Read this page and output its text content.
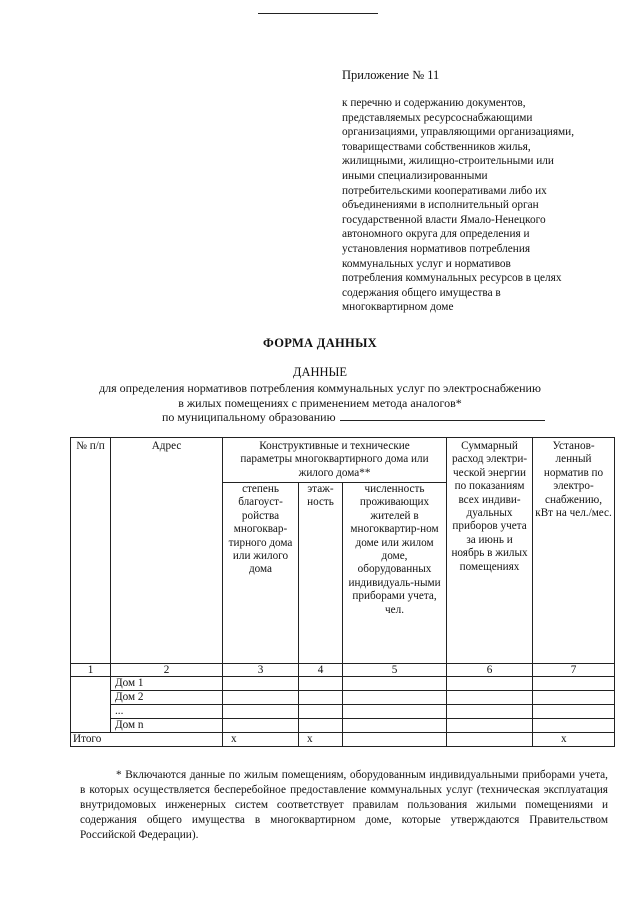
Приложение № 11
к перечню и содержанию документов,
представляемых ресурсоснабжающими
организациями, управляющими организациями,
товариществами собственников жилья,
жилищными, жилищно-строительными или
иными специализированными
потребительскими кооперативами либо их
объединениями в исполнительный орган
государственной власти Ямало-Ненецкого
автономного округа для определения и
установления нормативов потребления
коммунальных услуг и нормативов
потребления коммунальных ресурсов в целях
содержания общего имущества в
многоквартирном доме
ФОРМА ДАННЫХ
ДАННЫЕ
для определения нормативов потребления коммунальных услуг по электроснабжению
в жилых помещениях с применением метода аналогов*
по муниципальному образованию
№ п/п	Адрес	Конструктивные и технические параметры многоквартирного дома или жилого дома**			Суммарный расход электри-ческой энергии по показаниям всех индиви-дуальных приборов учета за июнь и ноябрь в жилых помещениях	Установ-ленный норматив по электро-снабжению, кВт на чел./мес.
		степень благоуст-ройства многоквар-тирного дома или жилого дома	этаж-ность	численность проживающих жителей в многоквартир-ном доме или жилом доме, оборудованных индивидуаль-ными приборами учета, чел.		
1	2	3	4	5	6	7
	Дом 1					
	Дом 2					
	...					
	Дом n					
Итого		х	х			х
* Включаются данные по жилым помещениям, оборудованным индивидуальными приборами учета, в которых осуществляется бесперебойное предоставление коммунальных услуг (техническая эксплуатация внутридомовых инженерных систем соответствует правилам пользования жилыми помещениями и содержания общего имущества в многоквартирном доме, которые утверждаются Правительством Российской Федерации).
